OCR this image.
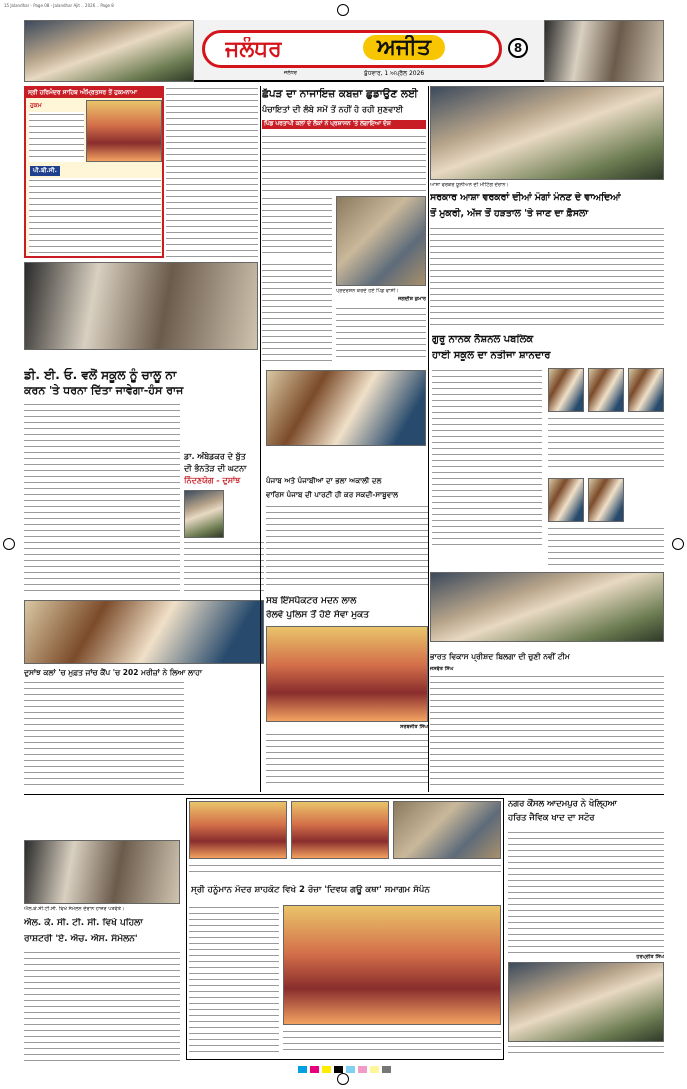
15 Jalandhar - Page 08 - Jalandhar Ajit .. 2026 .. Page 8
ਜਲੰਧਰ	ਅਜੀਤ
ਜਲੰਧਰ	ਬੁੱਧਵਾਰ, 1 ਅਪ੍ਰੈਲ 2026
8
ਸ੍ਰੀ ਹਰਿਮੰਦਰ ਸਾਹਿਬ ਅੰਮ੍ਰਿਤਸਰ ਤੋਂ ਹੁਕਮਨਾਮਾ
ਹੁਕਮ
ਪੀ.ਬੀ.ਸੀ.
ਡੀ. ਈ. ਓ. ਵਲੋਂ ਸਕੂਲ ਨੂੰ ਚਾਲੂ ਨਾ
ਕਰਨ 'ਤੇ ਧਰਨਾ ਦਿੱਤਾ ਜਾਵੇਗਾ-ਹੰਸ ਰਾਜ
ਡਾ. ਅੰਬੇਡਕਰ ਦੇ ਬੁੱਤ
ਦੀ ਭੰਨਤੋੜ ਦੀ ਘਟਨਾ
ਨਿੰਦਣਯੋਗ - ਦੁਸਾਂਝ
ਦੁਸਾਂਝ ਕਲਾਂ 'ਚ ਮੁਫ਼ਤ ਜਾਂਚ ਕੈਂਪ 'ਚ 202 ਮਰੀਜ਼ਾਂ ਨੇ ਲਿਆ ਲਾਹਾ
ਛੱਪੜ ਦਾ ਨਾਜਾਇਜ਼ ਕਬਜ਼ਾ ਛੁਡਾਉਣ ਲਈ
ਪੰਚਾਇਤਾਂ ਦੀ ਲੰਬੇ ਸਮੇਂ ਤੋਂ ਨਹੀਂ ਹੋ ਰਹੀ ਸੁਣਵਾਈ
ਪਿੰਡ ਪਰਤਾਪੀ ਕਲਾਂ ਦੇ ਲੋਕਾਂ ਨੇ ਪ੍ਰਸ਼ਾਸਨ 'ਤੇ ਲਗਾਇਆ ਦੋਸ਼
ਪ੍ਰਦਰਸ਼ਨ ਕਰਦੇ ਹੋਏ ਪਿੰਡ ਵਾਸੀ।
ਜਗਦੀਸ਼ ਕੁਮਾਰ
ਪੰਜਾਬ ਅਤੇ ਪੰਜਾਬੀਆਂ ਦਾ ਭਲਾ ਅਕਾਲੀ ਦਲ
ਵਾਰਿਸ ਪੰਜਾਬ ਦੀ ਪਾਰਟੀ ਹੀ ਕਰ ਸਕਦੀ-ਸਾਬੂਵਾਲ
ਸਬ ਇੰਸਪੈਕਟਰ ਮਦਨ ਲਾਲ
ਰੇਲਵੇ ਪੁਲਿਸ ਤੋਂ ਹੋਏ ਸੇਵਾ ਮੁਕਤ
ਸਰਬਜੀਤ ਸਿੰਘ
ਆਸ਼ਾ ਵਰਕਰ ਯੂਨੀਅਨ ਦੀ ਮੀਟਿੰਗ ਦੌਰਾਨ।
ਸਰਕਾਰ ਆਸ਼ਾ ਵਰਕਰਾਂ ਦੀਆਂ ਮੰਗਾਂ ਮੰਨਣ ਦੇ ਵਾਅਦਿਆਂ
ਤੋਂ ਮੁਕਰੀ, ਅੱਜ ਤੋਂ ਹੜਤਾਲ 'ਤੇ ਜਾਣ ਦਾ ਫ਼ੈਸਲਾ
ਗੁਰੂ ਨਾਨਕ ਨੈਸ਼ਨਲ ਪਬਲਿਕ
ਹਾਈ ਸਕੂਲ ਦਾ ਨਤੀਜਾ ਸ਼ਾਨਦਾਰ
ਭਾਰਤ ਵਿਕਾਸ ਪ੍ਰੀਸ਼ਦ ਬਿਲਗਾ ਦੀ ਚੁਣੀ ਨਵੀਂ ਟੀਮ
ਜਸਵੰਤ ਸਿੰਘ
ਐਲ.ਕੇ.ਸੀ.ਟੀ.ਸੀ. ਵਿਖੇ ਸੰਮੇਲਨ ਦੌਰਾਨ ਹਾਜ਼ਰ ਪਤਵੰਤੇ।
ਐਲ. ਕੇ. ਸੀ. ਟੀ. ਸੀ. ਵਿਖੇ ਪਹਿਲਾ
ਰਾਸ਼ਟਰੀ 'ਏ. ਐਚ. ਐਸ. ਸੰਮੇਲਨ'
ਸ੍ਰੀ ਹਨੂੰਮਾਨ ਮੰਦਰ ਸ਼ਾਹਕੋਟ ਵਿਖੇ 2 ਰੋਜ਼ਾ 'ਦਿਵਯ ਗਊ ਕਥਾ' ਸਮਾਗਮ ਸੰਪੰਨ
ਨਗਰ ਕੌਂਸਲ ਆਦਮਪੁਰ ਨੇ ਖੋਲ੍ਹਿਆ
ਹਰਿਤ ਜੈਵਿਕ ਖਾਦ ਦਾ ਸਟੋਰ
ਹਰਪ੍ਰੀਤ ਸਿੰਘ
